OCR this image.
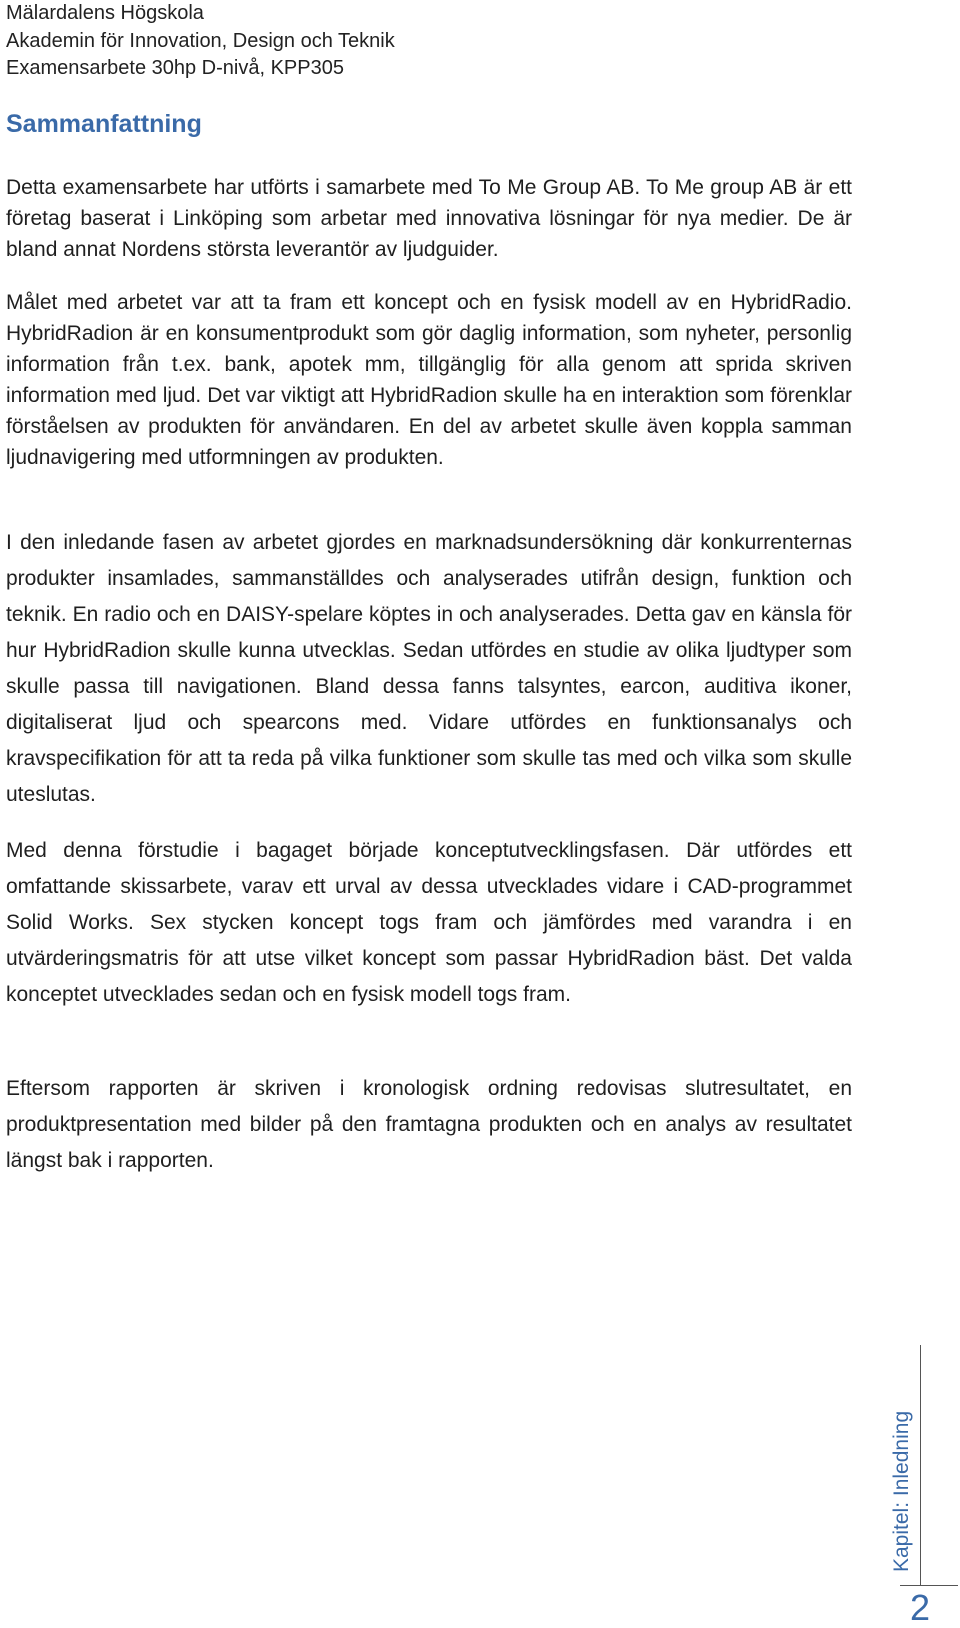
Mälardalens Högskola
Akademin för Innovation, Design och Teknik
Examensarbete 30hp D-nivå, KPP305
Sammanfattning

Detta examensarbete har utförts i samarbete med To Me Group AB. To Me group AB är ett företag baserat i Linköping som arbetar med innovativa lösningar för nya medier. De är bland annat Nordens största leverantör av ljudguider.

Målet med arbetet var att ta fram ett koncept och en fysisk modell av en HybridRadio. HybridRadion är en konsumentprodukt som gör daglig information, som nyheter, personlig information från t.ex. bank, apotek mm, tillgänglig för alla genom att sprida skriven information med ljud. Det var viktigt att HybridRadion skulle ha en interaktion som förenklar förståelsen av produkten för användaren. En del av arbetet skulle även koppla samman ljudnavigering med utformningen av produkten.

I den inledande fasen av arbetet gjordes en marknadsundersökning där konkurrenternas produkter insamlades, sammanställdes och analyserades utifrån design, funktion och teknik. En radio och en DAISY-spelare köptes in och analyserades. Detta gav en känsla för hur HybridRadion skulle kunna utvecklas. Sedan utfördes en studie av olika ljudtyper som skulle passa till navigationen. Bland dessa fanns talsyntes, earcon, auditiva ikoner, digitaliserat ljud och spearcons med. Vidare utfördes en funktionsanalys och kravspecifikation för att ta reda på vilka funktioner som skulle tas med och vilka som skulle uteslutas.

Med denna förstudie i bagaget började konceptutvecklingsfasen. Där utfördes ett omfattande skissarbete, varav ett urval av dessa utvecklades vidare i CAD-programmet Solid Works. Sex stycken koncept togs fram och jämfördes med varandra i en utvärderingsmatris för att utse vilket koncept som passar HybridRadion bäst. Det valda konceptet utvecklades sedan och en fysisk modell togs fram.

Eftersom rapporten är skriven i kronologisk ordning redovisas slutresultatet, en produktpresentation med bilder på den framtagna produkten och en analys av resultatet längst bak i rapporten.

Kapitel: Inledning
2
